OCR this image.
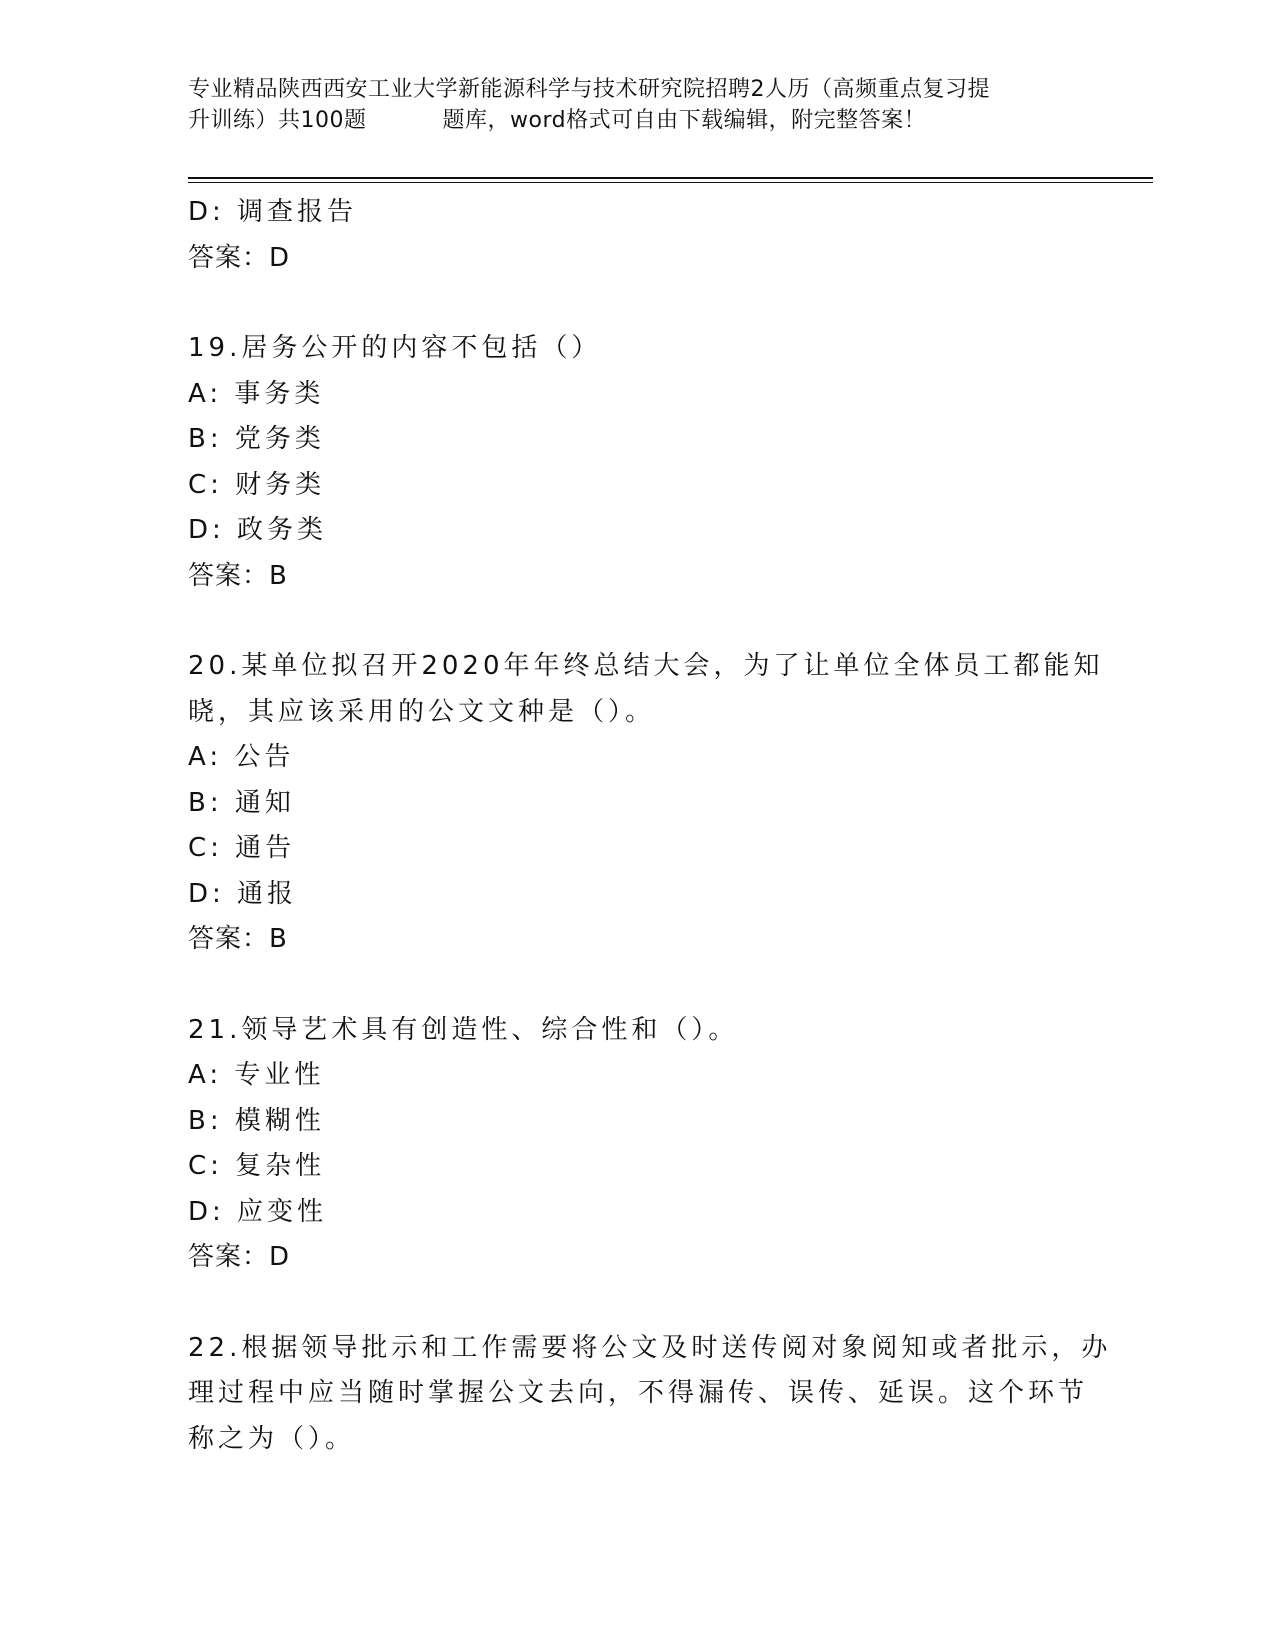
专业精品陕西西安工业大学新能源科学与技术研究院招聘2人历（高频重点复习提
升训练）共100题	题库，word格式可自由下载编辑，附完整答案！
D: 调查报告
答案：D
19.居务公开的内容不包括（）
A: 事务类
B: 党务类
C: 财务类
D: 政务类
答案：B
20.某单位拟召开2020年年终总结大会，为了让单位全体员工都能知
晓，其应该采用的公文文种是（）。
A: 公告
B: 通知
C: 通告
D: 通报
答案：B
21.领导艺术具有创造性、综合性和（）。
A: 专业性
B: 模糊性
C: 复杂性
D: 应变性
答案：D
22.根据领导批示和工作需要将公文及时送传阅对象阅知或者批示，办
理过程中应当随时掌握公文去向，不得漏传、误传、延误。这个环节
称之为（）。
